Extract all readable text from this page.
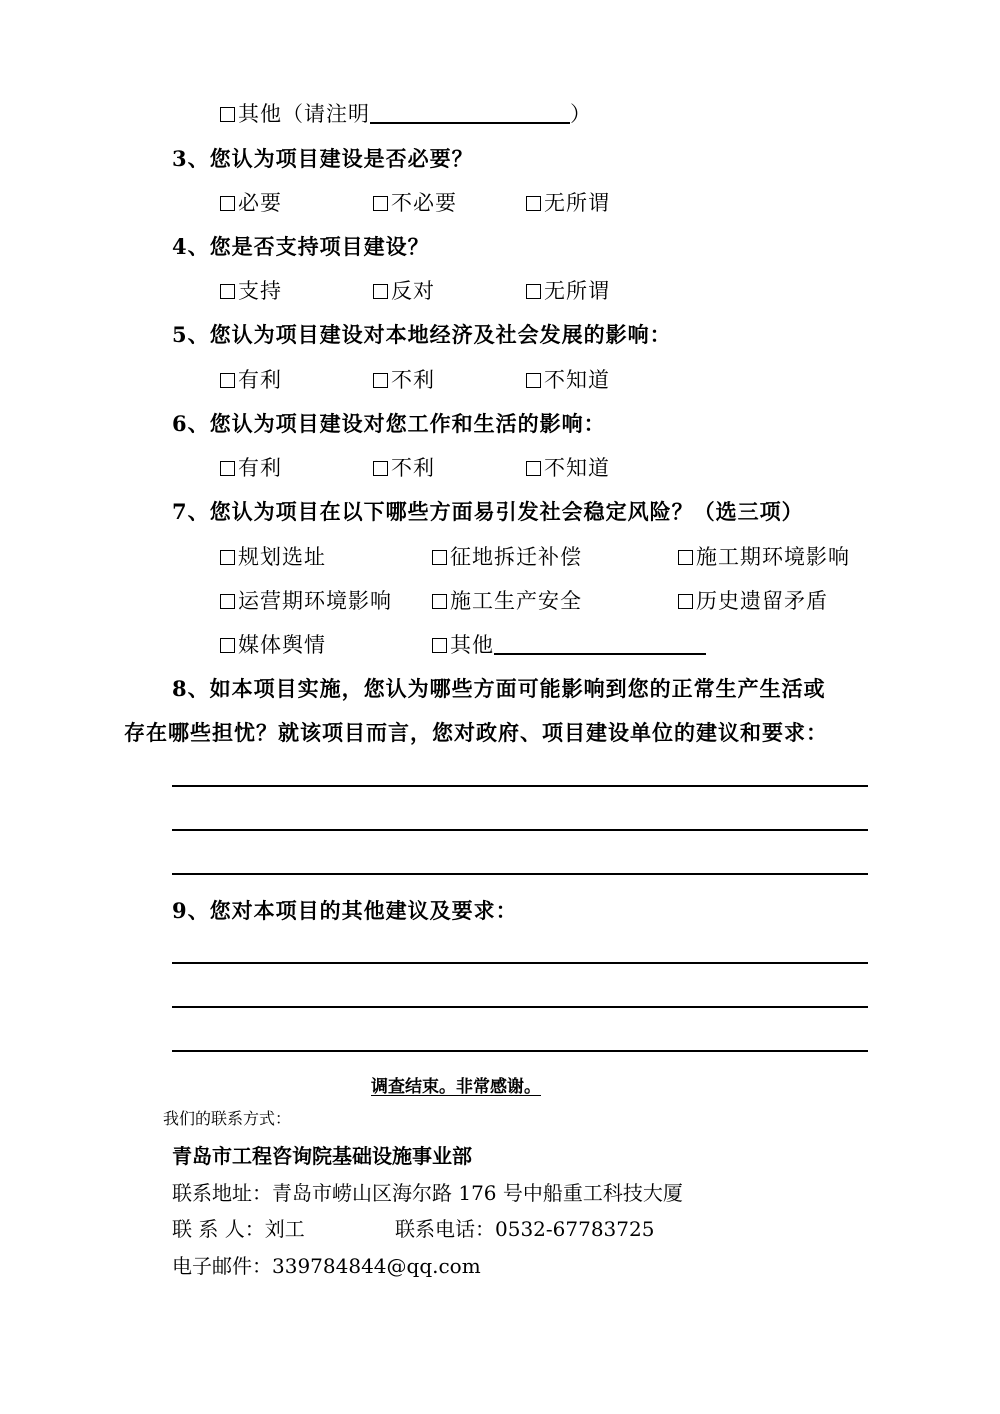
其他（请注明	）
3、您认为项目建设是否必要？
必要	不必要	无所谓
4、您是否支持项目建设？
支持	反对	无所谓
5、您认为项目建设对本地经济及社会发展的影响：
有利	不利	不知道
6、您认为项目建设对您工作和生活的影响：
有利	不利	不知道
7、您认为项目在以下哪些方面易引发社会稳定风险？（选三项）
规划选址	征地拆迁补偿	施工期环境影响
运营期环境影响	施工生产安全	历史遗留矛盾
媒体舆情	其他
8、如本项目实施，您认为哪些方面可能影响到您的正常生产生活或
存在哪些担忧？就该项目而言，您对政府、项目建设单位的建议和要求：
9、您对本项目的其他建议及要求：
调查结束。非常感谢。
我们的联系方式：
青岛市工程咨询院基础设施事业部
联系地址：青岛市崂山区海尔路 176 号中船重工科技大厦
联 系 人：刘工	联系电话：0532-67783725
电子邮件：339784844@qq.com
